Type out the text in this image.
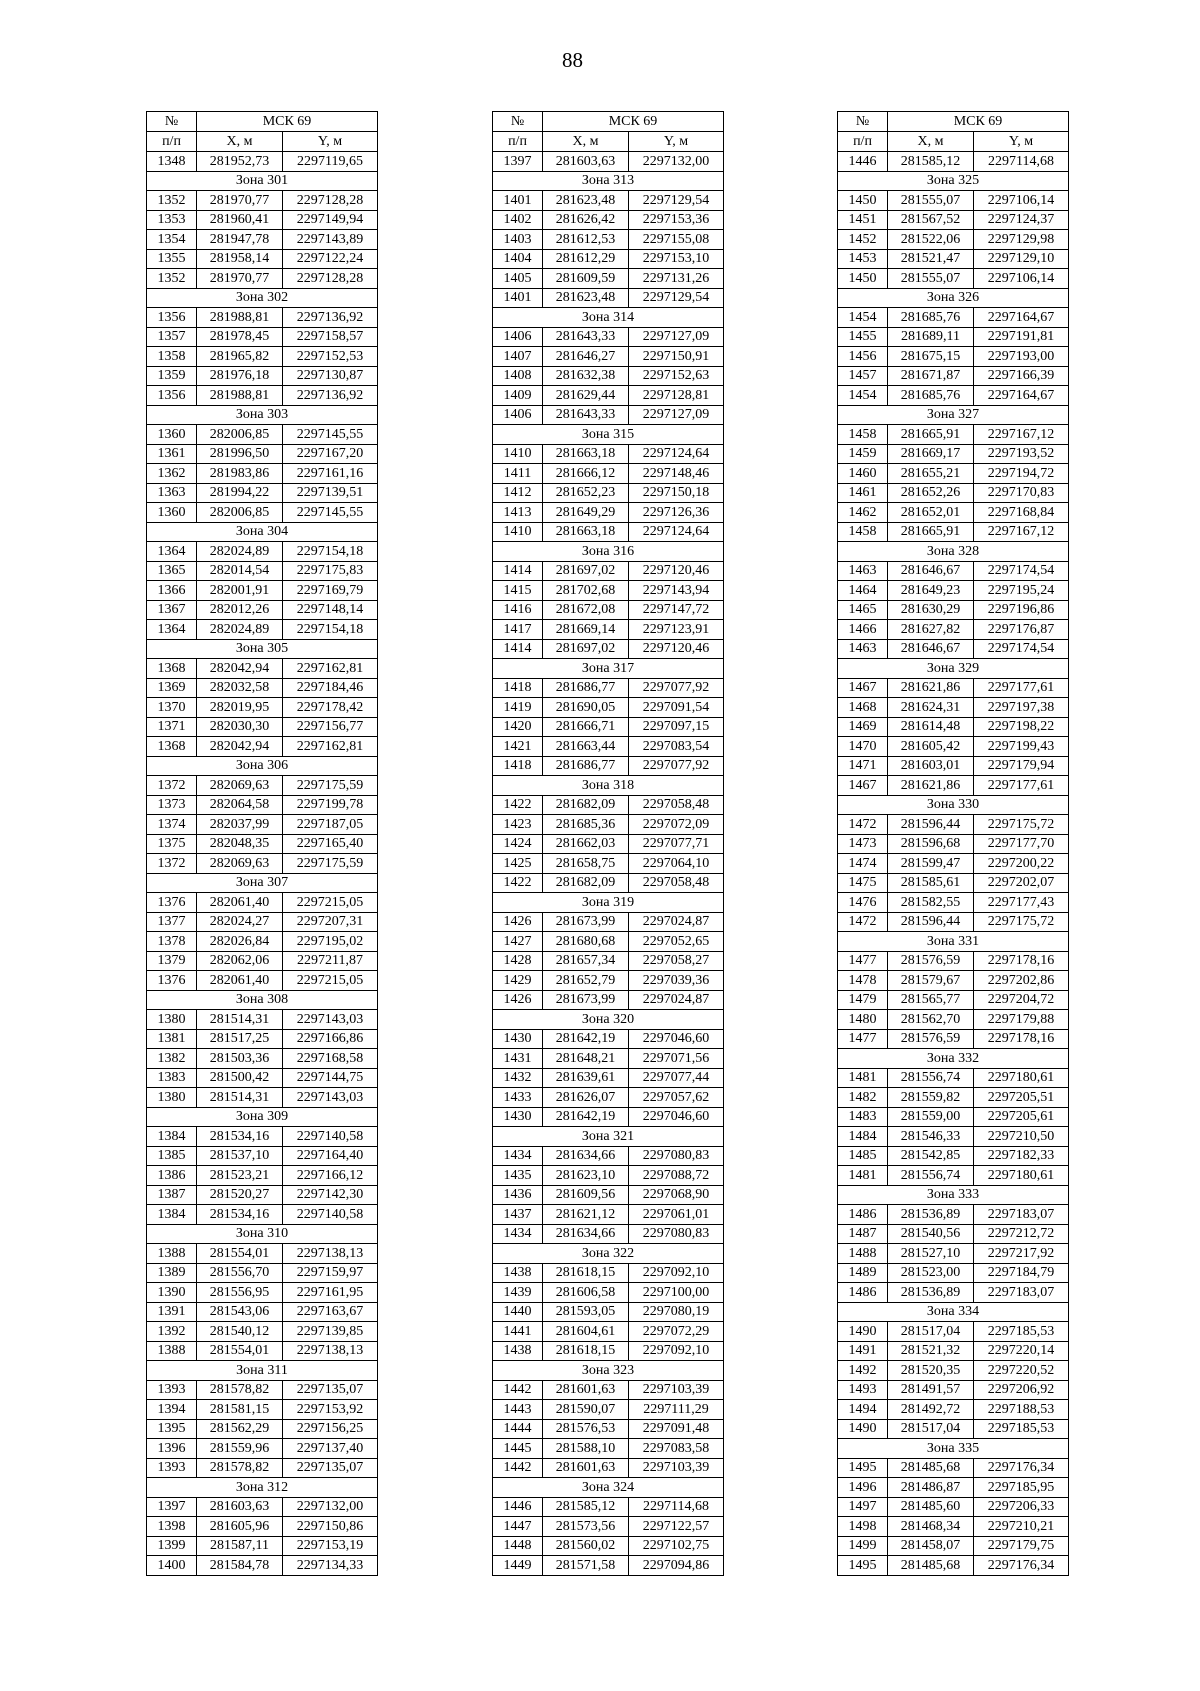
88
№	МСК 69	
п/п	X, м	Y, м
1348	281952,73	2297119,65
Зона 301		
1352	281970,77	2297128,28
1353	281960,41	2297149,94
1354	281947,78	2297143,89
1355	281958,14	2297122,24
1352	281970,77	2297128,28
Зона 302		
1356	281988,81	2297136,92
1357	281978,45	2297158,57
1358	281965,82	2297152,53
1359	281976,18	2297130,87
1356	281988,81	2297136,92
Зона 303		
1360	282006,85	2297145,55
1361	281996,50	2297167,20
1362	281983,86	2297161,16
1363	281994,22	2297139,51
1360	282006,85	2297145,55
Зона 304		
1364	282024,89	2297154,18
1365	282014,54	2297175,83
1366	282001,91	2297169,79
1367	282012,26	2297148,14
1364	282024,89	2297154,18
Зона 305		
1368	282042,94	2297162,81
1369	282032,58	2297184,46
1370	282019,95	2297178,42
1371	282030,30	2297156,77
1368	282042,94	2297162,81
Зона 306		
1372	282069,63	2297175,59
1373	282064,58	2297199,78
1374	282037,99	2297187,05
1375	282048,35	2297165,40
1372	282069,63	2297175,59
Зона 307		
1376	282061,40	2297215,05
1377	282024,27	2297207,31
1378	282026,84	2297195,02
1379	282062,06	2297211,87
1376	282061,40	2297215,05
Зона 308		
1380	281514,31	2297143,03
1381	281517,25	2297166,86
1382	281503,36	2297168,58
1383	281500,42	2297144,75
1380	281514,31	2297143,03
Зона 309		
1384	281534,16	2297140,58
1385	281537,10	2297164,40
1386	281523,21	2297166,12
1387	281520,27	2297142,30
1384	281534,16	2297140,58
Зона 310		
1388	281554,01	2297138,13
1389	281556,70	2297159,97
1390	281556,95	2297161,95
1391	281543,06	2297163,67
1392	281540,12	2297139,85
1388	281554,01	2297138,13
Зона 311		
1393	281578,82	2297135,07
1394	281581,15	2297153,92
1395	281562,29	2297156,25
1396	281559,96	2297137,40
1393	281578,82	2297135,07
Зона 312		
1397	281603,63	2297132,00
1398	281605,96	2297150,86
1399	281587,11	2297153,19
1400	281584,78	2297134,33
№	МСК 69	
п/п	X, м	Y, м
1397	281603,63	2297132,00
Зона 313		
1401	281623,48	2297129,54
1402	281626,42	2297153,36
1403	281612,53	2297155,08
1404	281612,29	2297153,10
1405	281609,59	2297131,26
1401	281623,48	2297129,54
Зона 314		
1406	281643,33	2297127,09
1407	281646,27	2297150,91
1408	281632,38	2297152,63
1409	281629,44	2297128,81
1406	281643,33	2297127,09
Зона 315		
1410	281663,18	2297124,64
1411	281666,12	2297148,46
1412	281652,23	2297150,18
1413	281649,29	2297126,36
1410	281663,18	2297124,64
Зона 316		
1414	281697,02	2297120,46
1415	281702,68	2297143,94
1416	281672,08	2297147,72
1417	281669,14	2297123,91
1414	281697,02	2297120,46
Зона 317		
1418	281686,77	2297077,92
1419	281690,05	2297091,54
1420	281666,71	2297097,15
1421	281663,44	2297083,54
1418	281686,77	2297077,92
Зона 318		
1422	281682,09	2297058,48
1423	281685,36	2297072,09
1424	281662,03	2297077,71
1425	281658,75	2297064,10
1422	281682,09	2297058,48
Зона 319		
1426	281673,99	2297024,87
1427	281680,68	2297052,65
1428	281657,34	2297058,27
1429	281652,79	2297039,36
1426	281673,99	2297024,87
Зона 320		
1430	281642,19	2297046,60
1431	281648,21	2297071,56
1432	281639,61	2297077,44
1433	281626,07	2297057,62
1430	281642,19	2297046,60
Зона 321		
1434	281634,66	2297080,83
1435	281623,10	2297088,72
1436	281609,56	2297068,90
1437	281621,12	2297061,01
1434	281634,66	2297080,83
Зона 322		
1438	281618,15	2297092,10
1439	281606,58	2297100,00
1440	281593,05	2297080,19
1441	281604,61	2297072,29
1438	281618,15	2297092,10
Зона 323		
1442	281601,63	2297103,39
1443	281590,07	2297111,29
1444	281576,53	2297091,48
1445	281588,10	2297083,58
1442	281601,63	2297103,39
Зона 324		
1446	281585,12	2297114,68
1447	281573,56	2297122,57
1448	281560,02	2297102,75
1449	281571,58	2297094,86
№	МСК 69	
п/п	X, м	Y, м
1446	281585,12	2297114,68
Зона 325		
1450	281555,07	2297106,14
1451	281567,52	2297124,37
1452	281522,06	2297129,98
1453	281521,47	2297129,10
1450	281555,07	2297106,14
Зона 326		
1454	281685,76	2297164,67
1455	281689,11	2297191,81
1456	281675,15	2297193,00
1457	281671,87	2297166,39
1454	281685,76	2297164,67
Зона 327		
1458	281665,91	2297167,12
1459	281669,17	2297193,52
1460	281655,21	2297194,72
1461	281652,26	2297170,83
1462	281652,01	2297168,84
1458	281665,91	2297167,12
Зона 328		
1463	281646,67	2297174,54
1464	281649,23	2297195,24
1465	281630,29	2297196,86
1466	281627,82	2297176,87
1463	281646,67	2297174,54
Зона 329		
1467	281621,86	2297177,61
1468	281624,31	2297197,38
1469	281614,48	2297198,22
1470	281605,42	2297199,43
1471	281603,01	2297179,94
1467	281621,86	2297177,61
Зона 330		
1472	281596,44	2297175,72
1473	281596,68	2297177,70
1474	281599,47	2297200,22
1475	281585,61	2297202,07
1476	281582,55	2297177,43
1472	281596,44	2297175,72
Зона 331		
1477	281576,59	2297178,16
1478	281579,67	2297202,86
1479	281565,77	2297204,72
1480	281562,70	2297179,88
1477	281576,59	2297178,16
Зона 332		
1481	281556,74	2297180,61
1482	281559,82	2297205,51
1483	281559,00	2297205,61
1484	281546,33	2297210,50
1485	281542,85	2297182,33
1481	281556,74	2297180,61
Зона 333		
1486	281536,89	2297183,07
1487	281540,56	2297212,72
1488	281527,10	2297217,92
1489	281523,00	2297184,79
1486	281536,89	2297183,07
Зона 334		
1490	281517,04	2297185,53
1491	281521,32	2297220,14
1492	281520,35	2297220,52
1493	281491,57	2297206,92
1494	281492,72	2297188,53
1490	281517,04	2297185,53
Зона 335		
1495	281485,68	2297176,34
1496	281486,87	2297185,95
1497	281485,60	2297206,33
1498	281468,34	2297210,21
1499	281458,07	2297179,75
1495	281485,68	2297176,34
